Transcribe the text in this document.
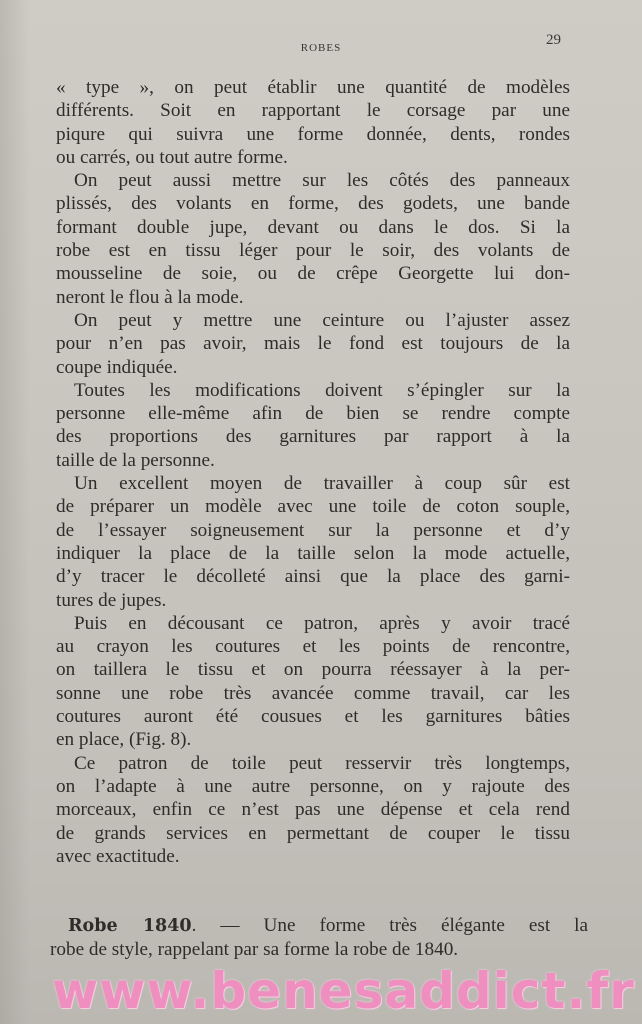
ROBES	29
« type », on peut établir une quantité de modèles
différents. Soit en rapportant le corsage par une
piqure qui suivra une forme donnée, dents, rondes
ou carrés, ou tout autre forme.
On peut aussi mettre sur les côtés des panneaux
plissés, des volants en forme, des godets, une bande
formant double jupe, devant ou dans le dos. Si la
robe est en tissu léger pour le soir, des volants de
mousseline de soie, ou de crêpe Georgette lui don-
neront le flou à la mode.
On peut y mettre une ceinture ou l’ajuster assez
pour n’en pas avoir, mais le fond est toujours de la
coupe indiquée.
Toutes les modifications doivent s’épingler sur la
personne elle-même afin de bien se rendre compte
des proportions des garnitures par rapport à la
taille de la personne.
Un excellent moyen de travailler à coup sûr est
de préparer un modèle avec une toile de coton souple,
de l’essayer soigneusement sur la personne et d’y
indiquer la place de la taille selon la mode actuelle,
d’y tracer le décolleté ainsi que la place des garni-
tures de jupes.
Puis en décousant ce patron, après y avoir tracé
au crayon les coutures et les points de rencontre,
on taillera le tissu et on pourra réessayer à la per-
sonne une robe très avancée comme travail, car les
coutures auront été cousues et les garnitures bâties
en place, (Fig. 8).
Ce patron de toile peut resservir très longtemps,
on l’adapte à une autre personne, on y rajoute des
morceaux, enfin ce n’est pas une dépense et cela rend
de grands services en permettant de couper le tissu
avec exactitude.
Robe 1840. — Une forme très élégante est la
robe de style, rappelant par sa forme la robe de 1840.
www.benesaddict.fr
